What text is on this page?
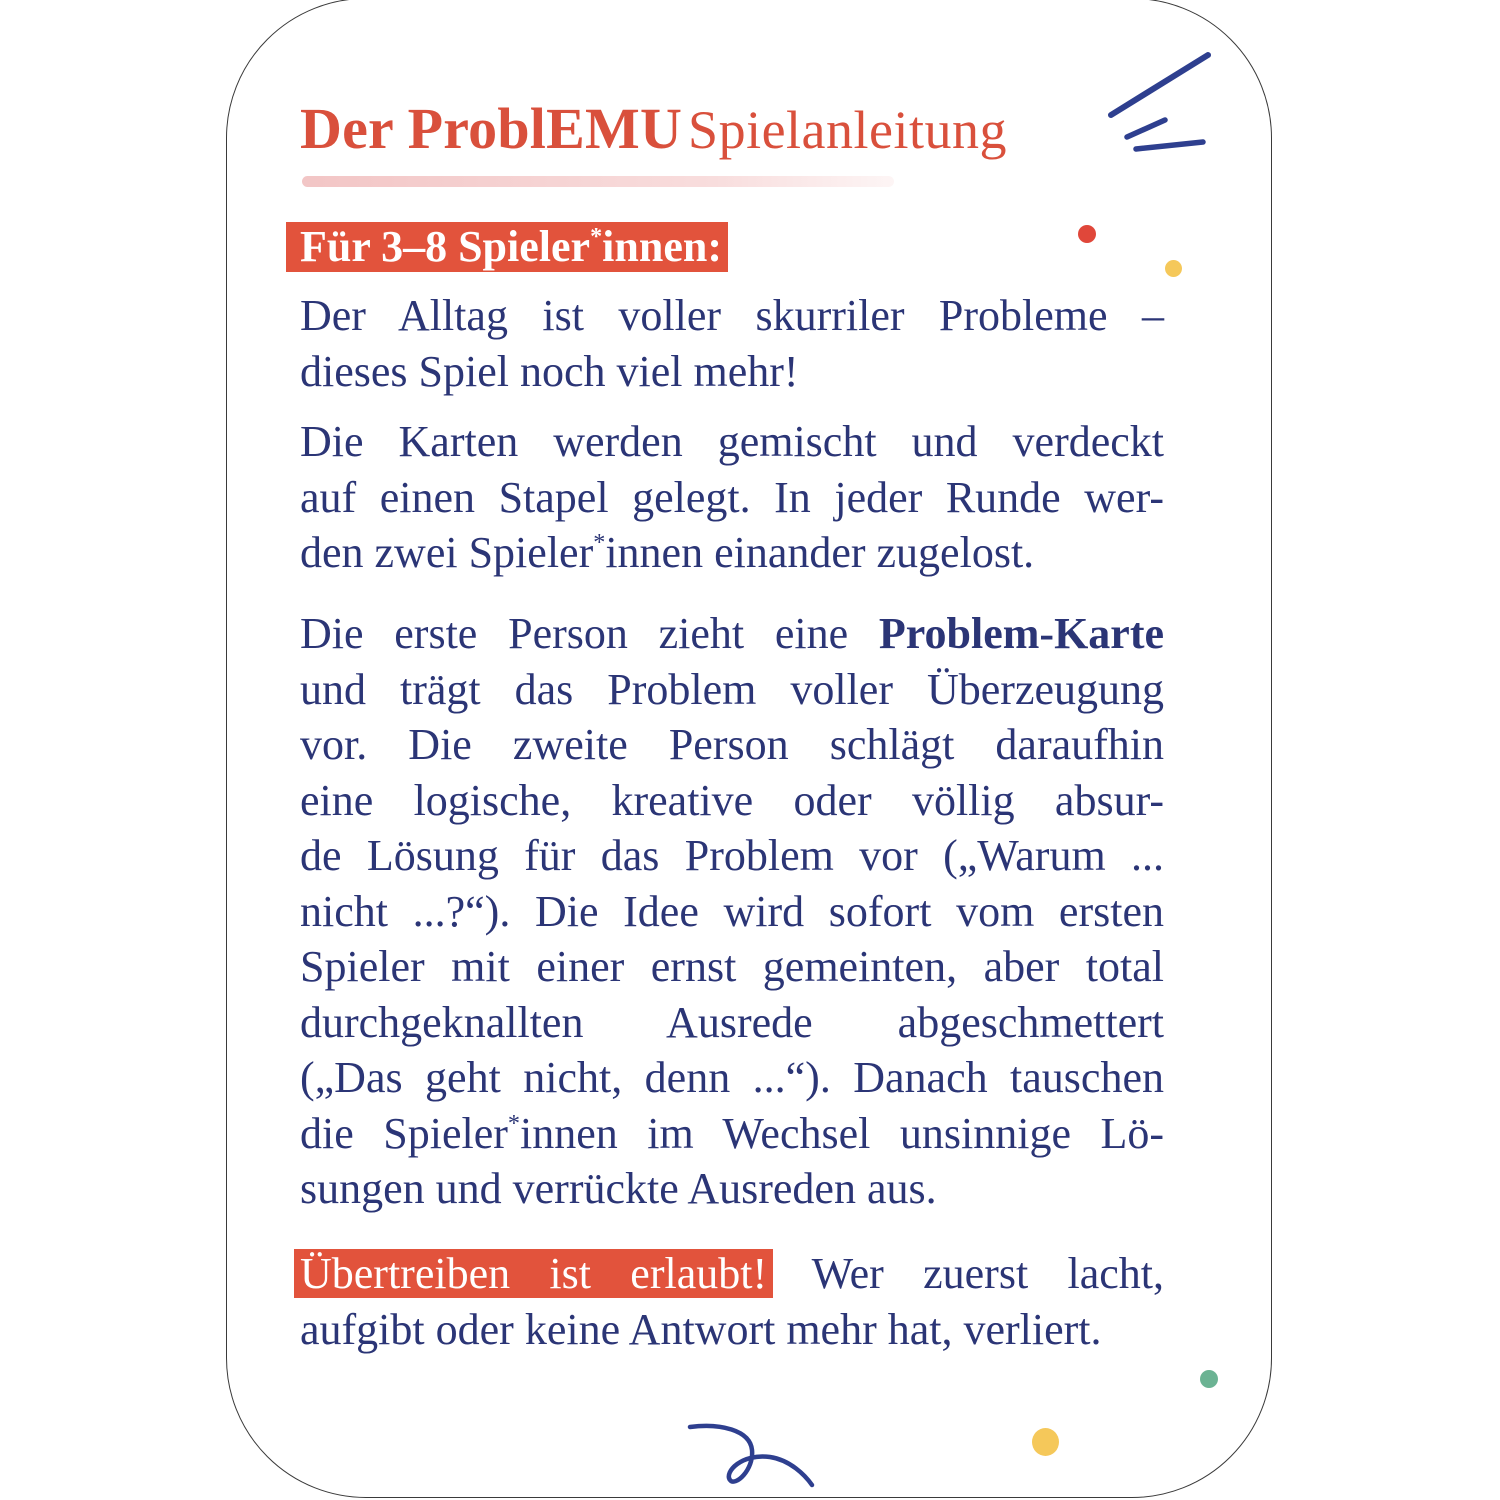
Der ProblEMU Spielanleitung
Für 3–8 Spieler*innen:
Der Alltag ist voller skurriler Probleme –
dieses Spiel noch viel mehr!
Die Karten werden gemischt und verdeckt
auf einen Stapel gelegt. In jeder Runde wer-
den zwei Spieler*innen einander zugelost.
Die erste Person zieht eine Problem-Karte
und trägt das Problem voller Überzeugung
vor. Die zweite Person schlägt daraufhin
eine logische, kreative oder völlig absur-
de Lösung für das Problem vor („Warum ...
nicht ...?“). Die Idee wird sofort vom ersten
Spieler mit einer ernst gemeinten, aber total
durchgeknallten Ausrede abgeschmettert
(„Das geht nicht, denn ...“). Danach tauschen
die Spieler*innen im Wechsel unsinnige Lö-
sungen und verrückte Ausreden aus.
Übertreiben ist erlaubt! Wer zuerst lacht,
aufgibt oder keine Antwort mehr hat, verliert.
